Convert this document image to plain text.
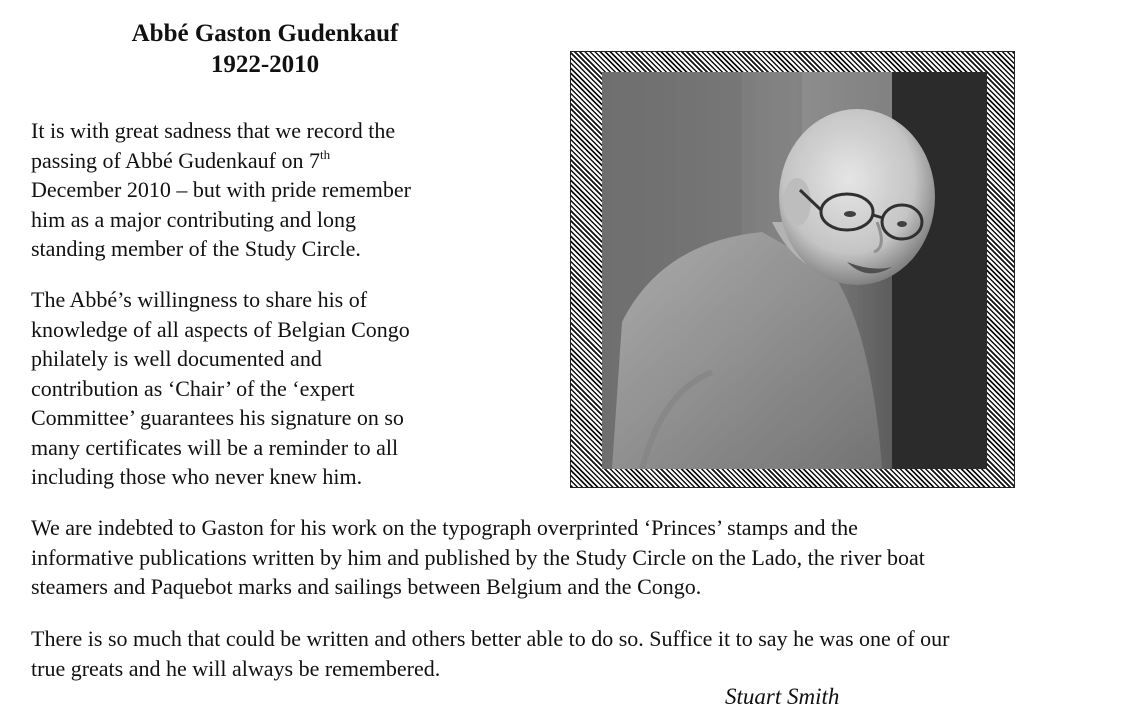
Abbé Gaston Gudenkauf
1922-2010
It is with great sadness that we record the
passing of Abbé Gudenkauf on 7th
December 2010 – but with pride remember
him as a major contributing and long
standing member of the Study Circle.
The Abbé’s willingness to share his of
knowledge of all aspects of Belgian Congo
philately is well documented and
contribution as ‘Chair’ of the ‘expert
Committee’ guarantees his signature on so
many certificates will be a reminder to all
including those who never knew him.
We are indebted to Gaston for his work on the typograph overprinted ‘Princes’ stamps and the
informative publications written by him and published by the Study Circle on the Lado, the river boat
steamers and Paquebot marks and sailings between Belgium and the Congo.
There is so much that could be written and others better able to do so. Suffice it to say he was one of our
true greats and he will always be remembered.
Stuart Smith
